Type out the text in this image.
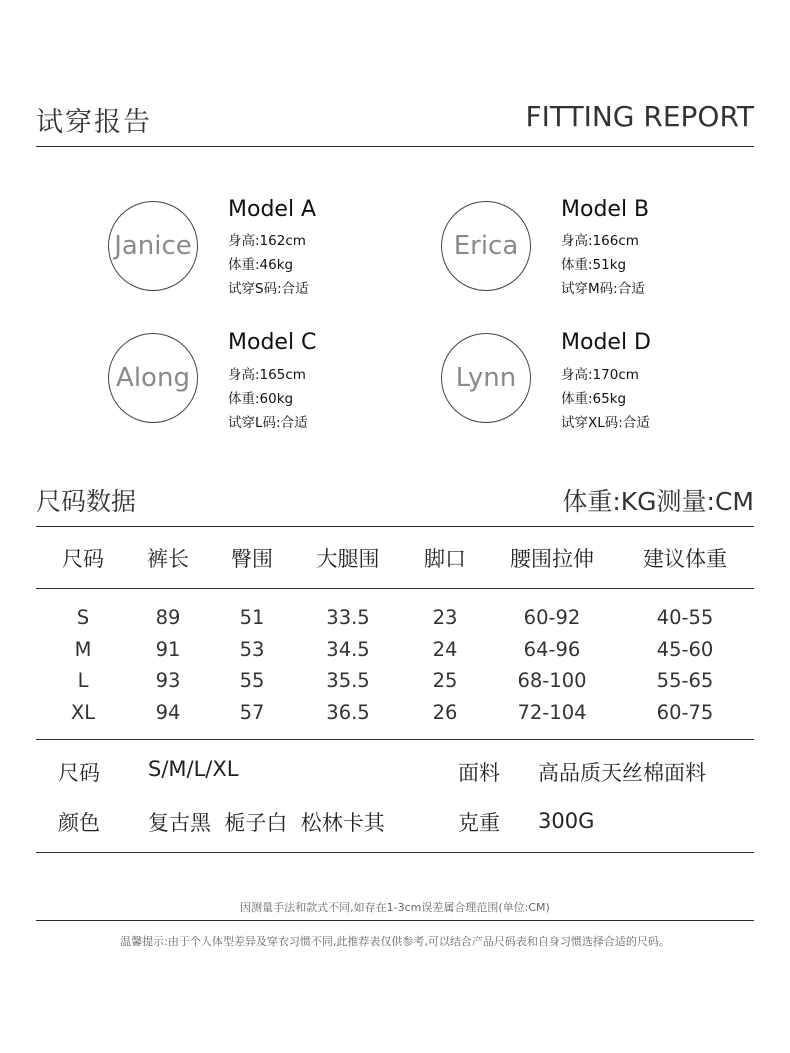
试穿报告	FITTING REPORT
Janice
Model A
身高:162cm
体重:46kg
试穿S码:合适
Erica
Model B
身高:166cm
体重:51kg
试穿M码:合适
Along
Model C
身高:165cm
体重:60kg
试穿L码:合适
Lynn
Model D
身高:170cm
体重:65kg
试穿XL码:合适
尺码数据	体重:KG测量:CM
尺码 裤长 臀围 大腿围 脚口 腰围拉伸 建议体重
S	89	51	33.5	23	60-92	40-55
M	91	53	34.5	24	64-96	45-60
L	93	55	35.5	25	68-100	55-65
XL	94	57	36.5	26	72-104	60-75
尺码 S/M/L/XL	面料 高品质天丝棉面料
颜色 复古黑  栀子白  松林卡其	克重 300G
因测量手法和款式不同,如存在1-3cm误差属合理范围(单位:CM)
温馨提示:由于个人体型差异及穿衣习惯不同,此推荐表仅供参考,可以结合产品尺码表和自身习惯选择合适的尺码。
